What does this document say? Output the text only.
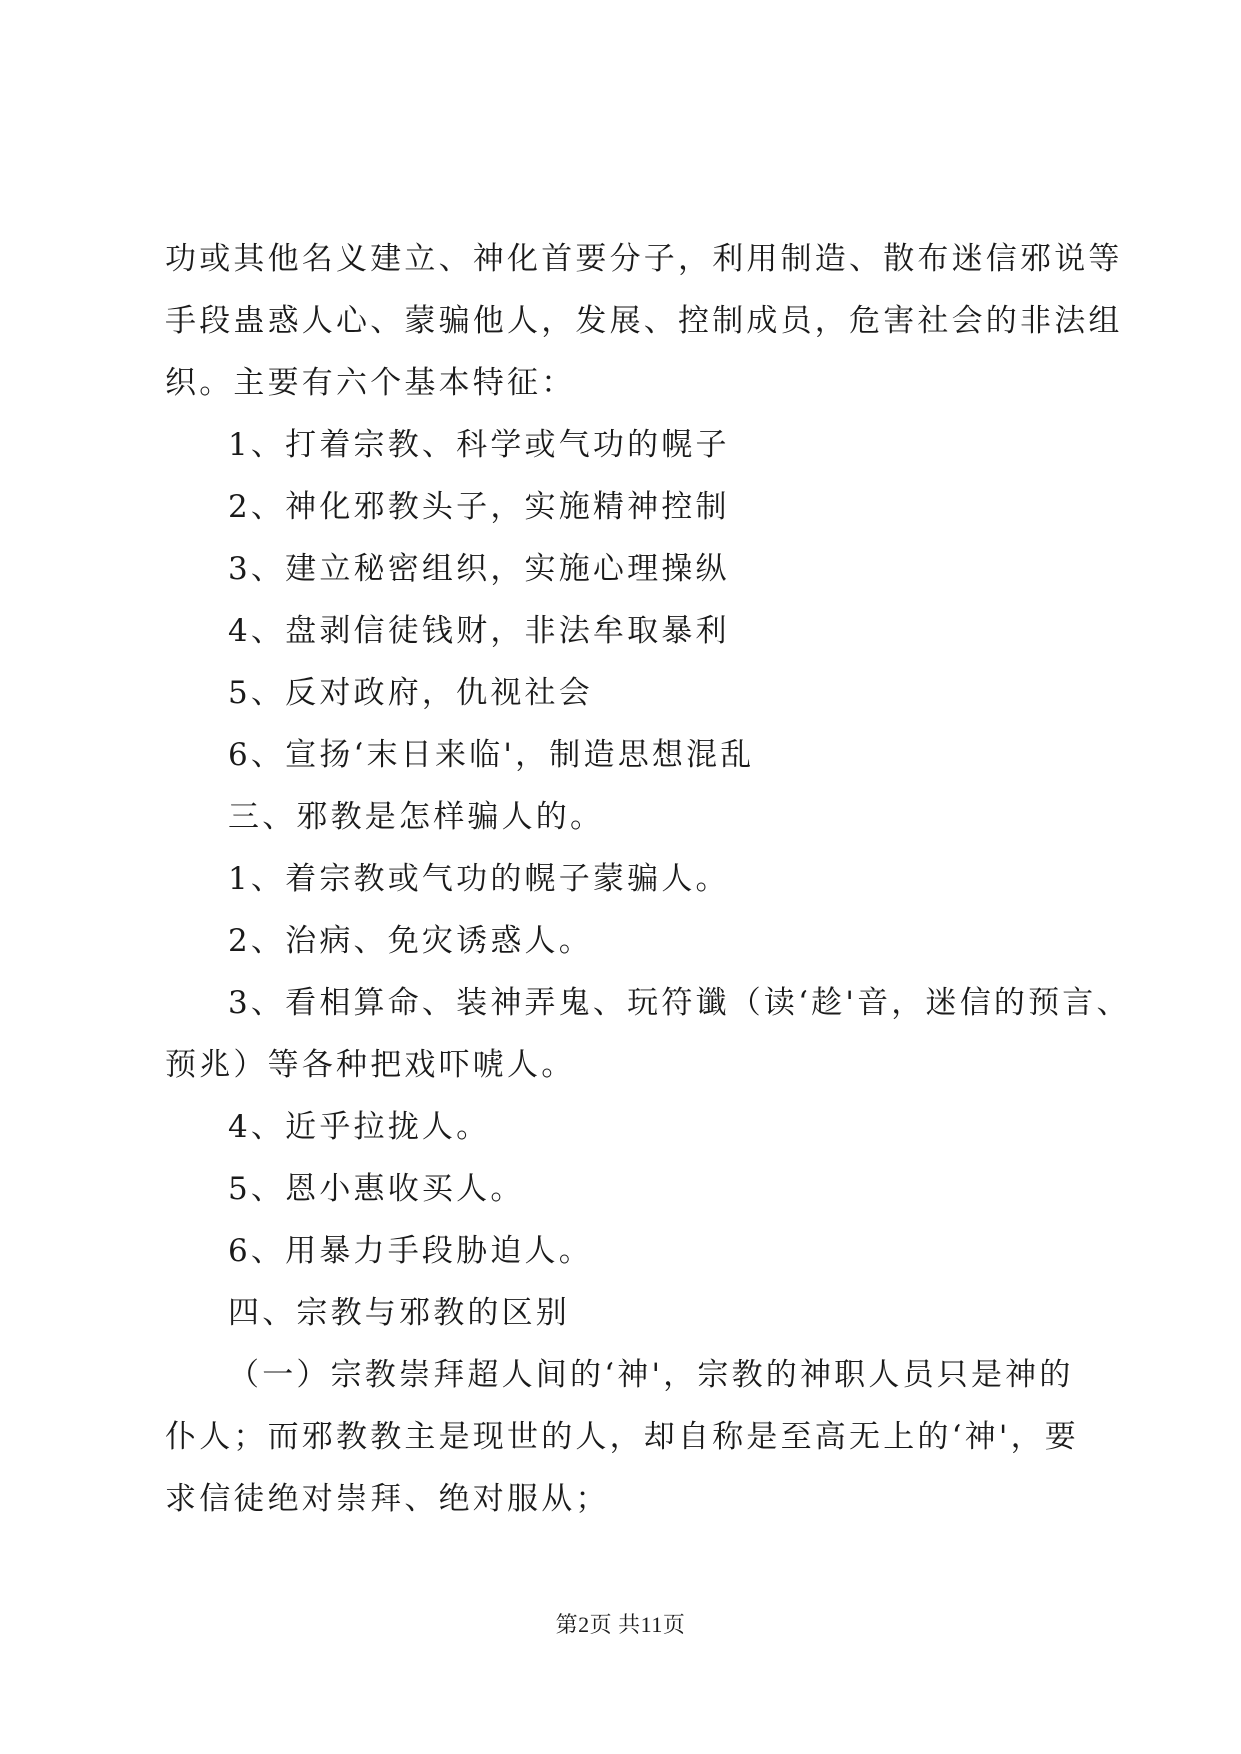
功或其他名义建立、神化首要分子，利用制造、散布迷信邪说等
手段蛊惑人心、蒙骗他人，发展、控制成员，危害社会的非法组
织。主要有六个基本特征：
1、打着宗教、科学或气功的幌子
2、神化邪教头子，实施精神控制
3、建立秘密组织，实施心理操纵
4、盘剥信徒钱财，非法牟取暴利
5、反对政府，仇视社会
6、宣扬‘末日来临'，制造思想混乱
三、邪教是怎样骗人的。
1、着宗教或气功的幌子蒙骗人。
2、治病、免灾诱惑人。
3、看相算命、装神弄鬼、玩符谶（读‘趁'音，迷信的预言、
预兆）等各种把戏吓唬人。
4、近乎拉拢人。
5、恩小惠收买人。
6、用暴力手段胁迫人。
四、宗教与邪教的区别
（一）宗教崇拜超人间的‘神'，宗教的神职人员只是神的
仆人；而邪教教主是现世的人，却自称是至高无上的‘神'，要
求信徒绝对崇拜、绝对服从；
第2页 共11页
